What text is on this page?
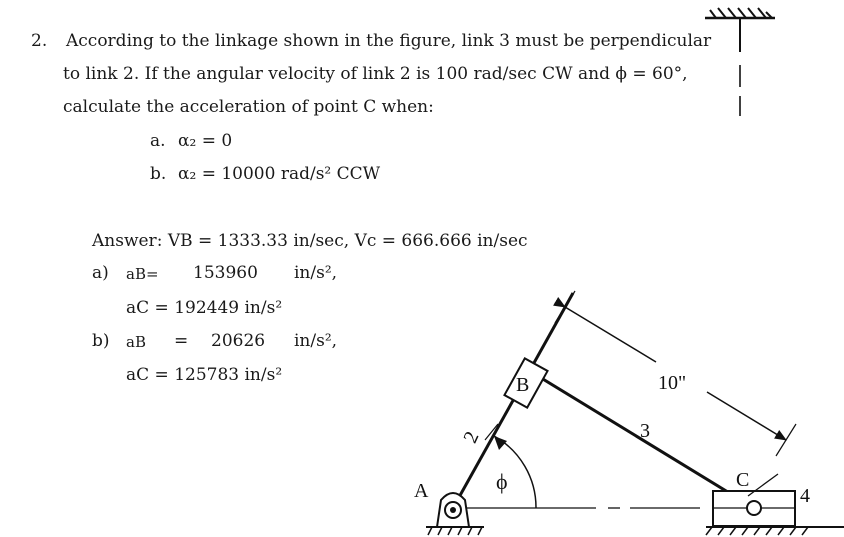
2. According to the linkage shown in the figure, link 3 must be perpendicular
to link 2. If the angular velocity of link 2 is 100 rad/sec CW and ϕ = 60°,
calculate the acceleration of point C when:
a. α₂ = 0
b. α₂ = 10000 rad/s² CCW
Answer: VB = 1333.33 in/sec, Vc = 666.666 in/sec
a) aB= 153960 in/s²,
aC = 192449 in/s²
b) aB = 20626 in/s²,
aC = 125783 in/s²	B
A	C
4
2	3
ϕ
10"
